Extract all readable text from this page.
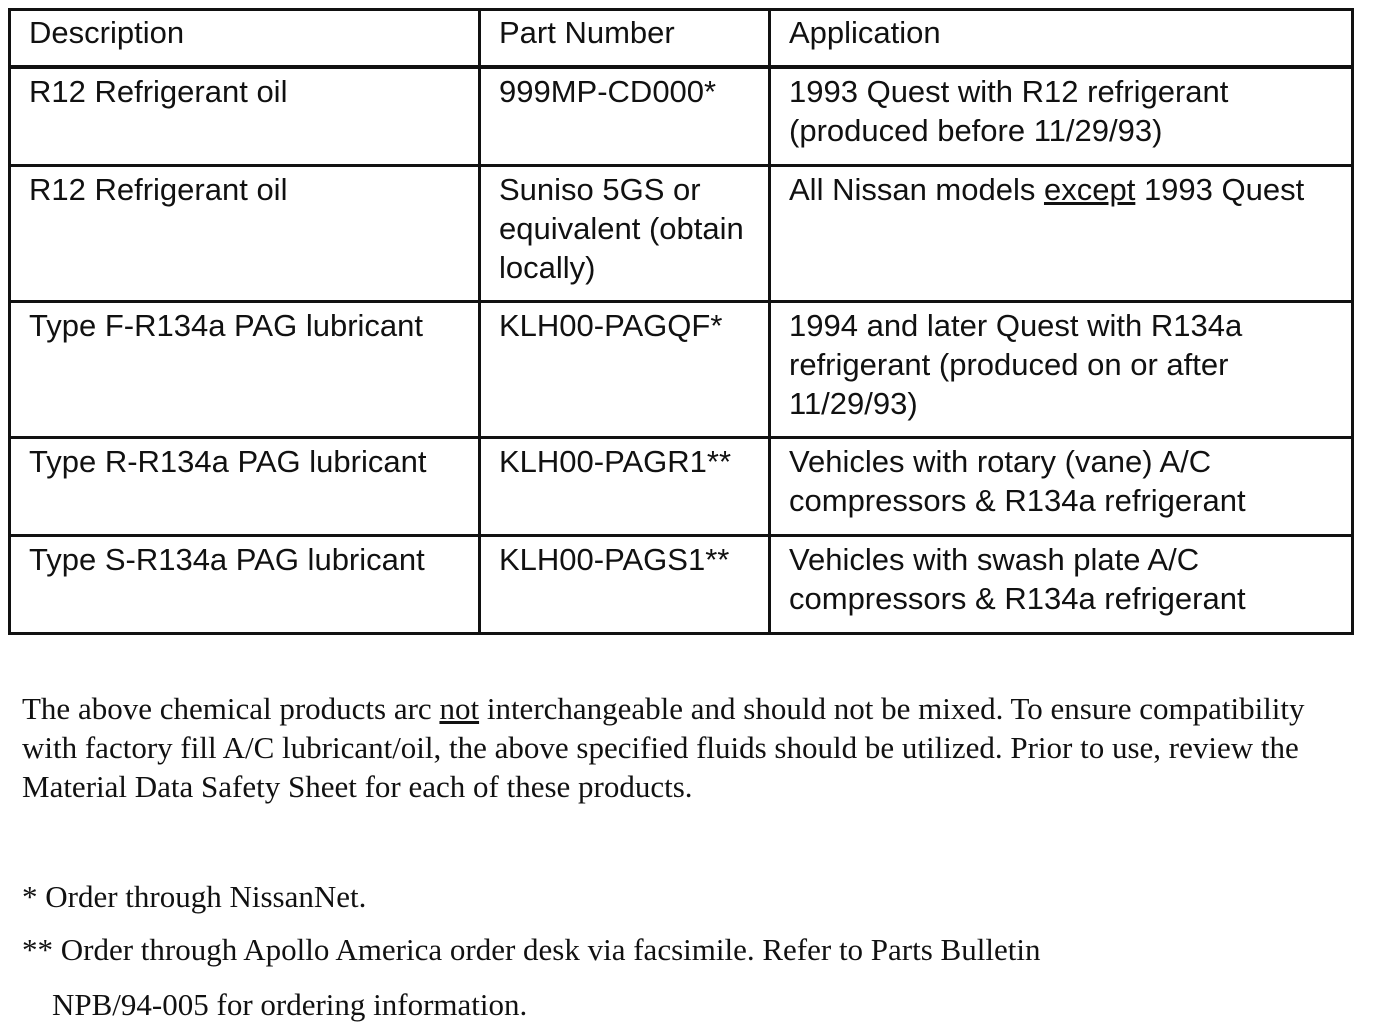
Description	Part Number	Application
R12 Refrigerant oil	999MP-CD000*	1993 Quest with R12 refrigerant (produced before 11/29/93)
R12 Refrigerant oil	Suniso 5GS or equivalent (obtain locally)	All Nissan models except 1993 Quest
Type F-R134a PAG lubricant	KLH00-PAGQF*	1994 and later Quest with R134a refrigerant (produced on or after 11/29/93)
Type R-R134a PAG lubricant	KLH00-PAGR1**	Vehicles with rotary (vane) A/C compressors & R134a refrigerant
Type S-R134a PAG lubricant	KLH00-PAGS1**	Vehicles with swash plate A/C compressors & R134a refrigerant

The above chemical products arc not interchangeable and should not be mixed. To ensure compatibility with factory fill A/C lubricant/oil, the above specified fluids should be utilized. Prior to use, review the Material Data Safety Sheet for each of these products.

* Order through NissanNet.

** Order through Apollo America order desk via facsimile. Refer to Parts Bulletin

NPB/94-005 for ordering information.
